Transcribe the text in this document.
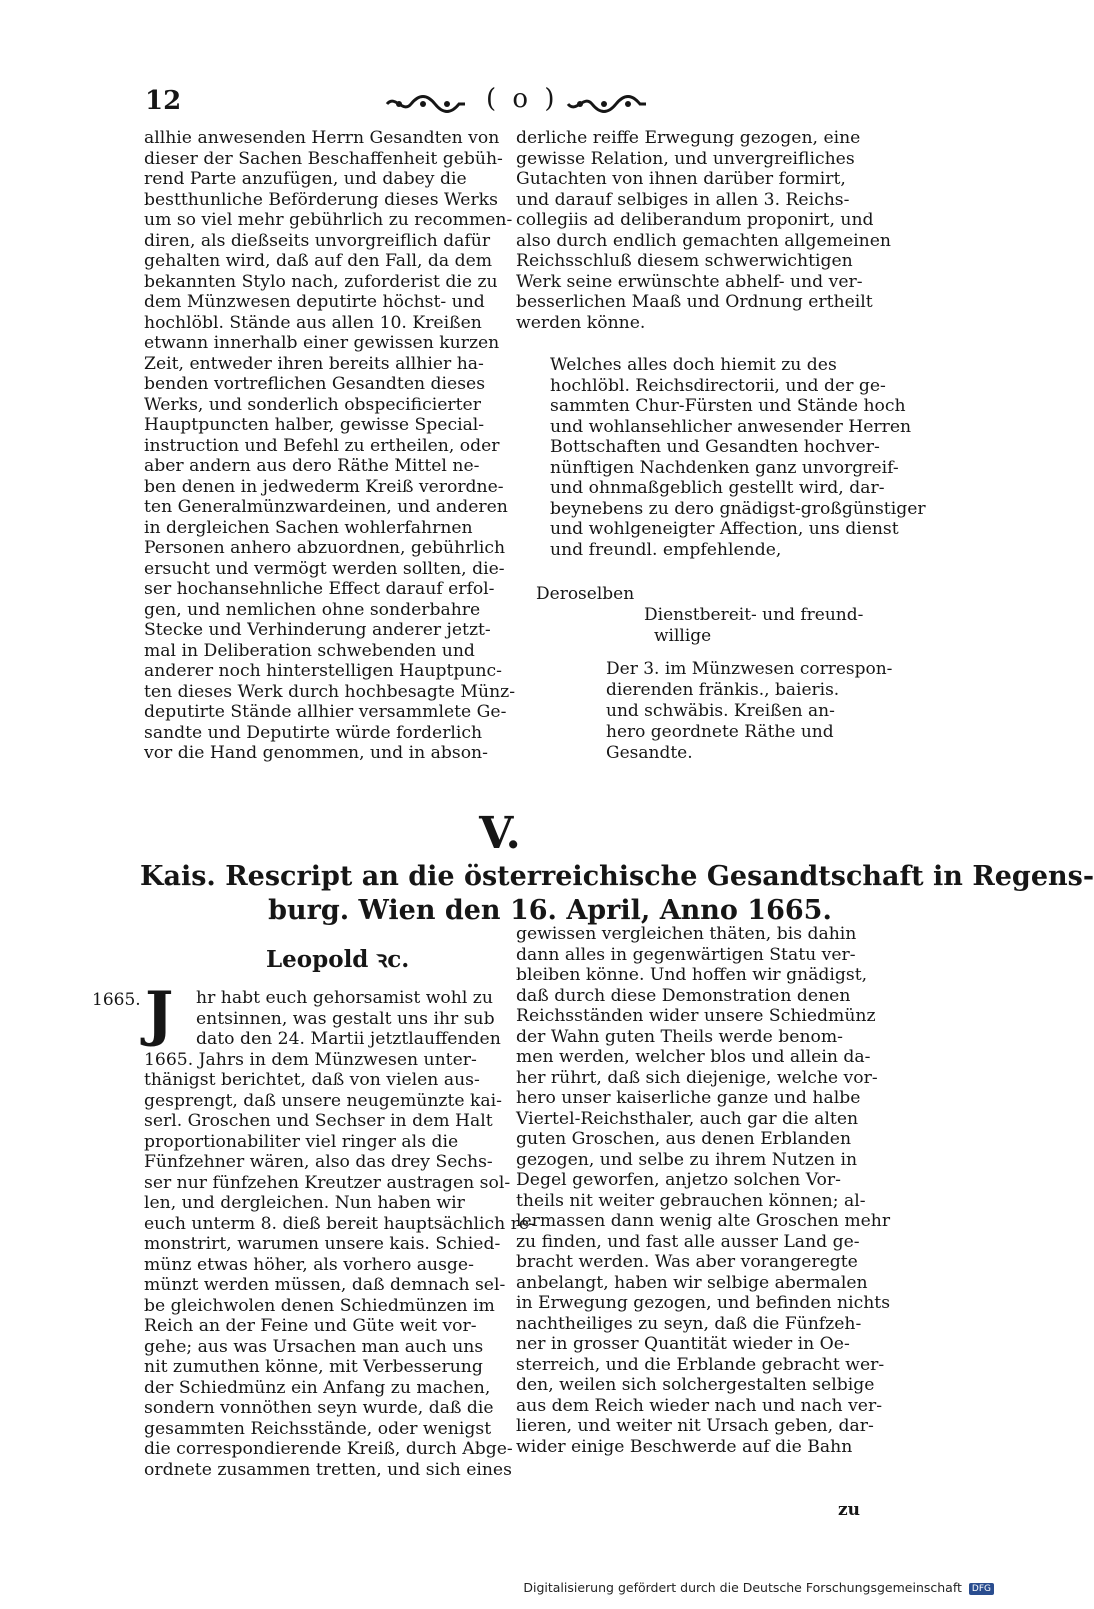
12	( o )
allhie anwesenden Herrn Gesandten von
dieser der Sachen Beschaffenheit gebüh-
rend Parte anzufügen, und dabey die
bestthunliche Beförderung dieses Werks
um so viel mehr gebührlich zu recommen-
diren, als dießseits unvorgreiflich dafür
gehalten wird, daß auf den Fall, da dem
bekannten Stylo nach, zuforderist die zu
dem Münzwesen deputirte höchst- und
hochlöbl. Stände aus allen 10. Kreißen
etwann innerhalb einer gewissen kurzen
Zeit, entweder ihren bereits allhier ha-
benden vortreflichen Gesandten dieses
Werks, und sonderlich obspecificierter
Hauptpuncten halber, gewisse Special-
instruction und Befehl zu ertheilen, oder
aber andern aus dero Räthe Mittel ne-
ben denen in jedwederm Kreiß verordne-
ten Generalmünzwardeinen, und anderen
in dergleichen Sachen wohlerfahrnen
Personen anhero abzuordnen, gebührlich
ersucht und vermögt werden sollten, die-
ser hochansehnliche Effect darauf erfol-
gen, und nemlichen ohne sonderbahre
Stecke und Verhinderung anderer jetzt-
mal in Deliberation schwebenden und
anderer noch hinterstelligen Hauptpunc-
ten dieses Werk durch hochbesagte Münz-
deputirte Stände allhier versammlete Ge-
sandte und Deputirte würde forderlich
vor die Hand genommen, und in abson-
derliche reiffe Erwegung gezogen, eine
gewisse Relation, und unvergreifliches
Gutachten von ihnen darüber formirt,
und darauf selbiges in allen 3. Reichs-
collegiis ad deliberandum proponirt, und
also durch endlich gemachten allgemeinen
Reichsschluß diesem schwerwichtigen
Werk seine erwünschte abhelf- und ver-
besserlichen Maaß und Ordnung ertheilt
werden könne.
Welches alles doch hiemit zu des
hochlöbl. Reichsdirectorii, und der ge-
sammten Chur-Fürsten und Stände hoch
und wohlansehlicher anwesender Herren
Bottschaften und Gesandten hochver-
nünftigen Nachdenken ganz unvorgreif-
und ohnmaßgeblich gestellt wird, dar-
beynebens zu dero gnädigst-großgünstiger
und wohlgeneigter Affection, uns dienst
und freundl. empfehlende,
Deroselben
Dienstbereit- und freund-
willige
Der 3. im Münzwesen correspon-
dierenden fränkis., baieris.
und schwäbis. Kreißen an-
hero geordnete Räthe und
Gesandte.
V.
Kais. Rescript an die österreichische Gesandtschaft in Regens-
burg. Wien den 16. April, Anno 1665.
Leopold ꝛc.
1665. J	hr habt euch gehorsamist wohl zu
entsinnen, was gestalt uns ihr sub
dato den 24. Martii jetztlauffenden
1665. Jahrs in dem Münzwesen unter-
thänigst berichtet, daß von vielen aus-
gesprengt, daß unsere neugemünzte kai-
serl. Groschen und Sechser in dem Halt
proportionabiliter viel ringer als die
Fünfzehner wären, also das drey Sechs-
ser nur fünfzehen Kreutzer austragen sol-
len, und dergleichen. Nun haben wir
euch unterm 8. dieß bereit hauptsächlich re-
monstrirt, warumen unsere kais. Schied-
münz etwas höher, als vorhero ausge-
münzt werden müssen, daß demnach sel-
be gleichwolen denen Schiedmünzen im
Reich an der Feine und Güte weit vor-
gehe; aus was Ursachen man auch uns
nit zumuthen könne, mit Verbesserung
der Schiedmünz ein Anfang zu machen,
sondern vonnöthen seyn wurde, daß die
gesammten Reichsstände, oder wenigst
die correspondierende Kreiß, durch Abge-
ordnete zusammen tretten, und sich eines
gewissen vergleichen thäten, bis dahin
dann alles in gegenwärtigen Statu ver-
bleiben könne. Und hoffen wir gnädigst,
daß durch diese Demonstration denen
Reichsständen wider unsere Schiedmünz
der Wahn guten Theils werde benom-
men werden, welcher blos und allein da-
her rührt, daß sich diejenige, welche vor-
hero unser kaiserliche ganze und halbe
Viertel-Reichsthaler, auch gar die alten
guten Groschen, aus denen Erblanden
gezogen, und selbe zu ihrem Nutzen in
Degel geworfen, anjetzo solchen Vor-
theils nit weiter gebrauchen können; al-
lermassen dann wenig alte Groschen mehr
zu finden, und fast alle ausser Land ge-
bracht werden. Was aber vorangeregte
anbelangt, haben wir selbige abermalen
in Erwegung gezogen, und befinden nichts
nachtheiliges zu seyn, daß die Fünfzeh-
ner in grosser Quantität wieder in Oe-
sterreich, und die Erblande gebracht wer-
den, weilen sich solchergestalten selbige
aus dem Reich wieder nach und nach ver-
lieren, und weiter nit Ursach geben, dar-
wider einige Beschwerde auf die Bahn
zu
Digitalisierung gefördert durch die Deutsche Forschungsgemeinschaft DFG
